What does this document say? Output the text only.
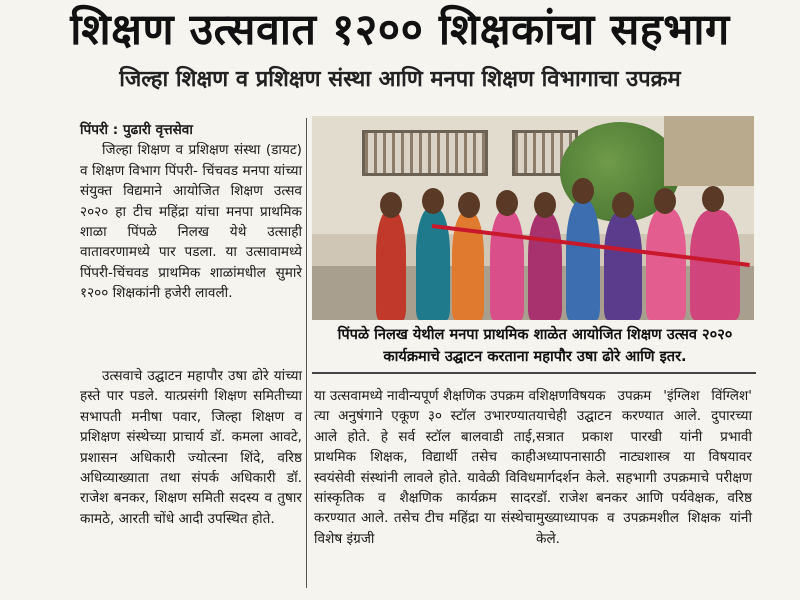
शिक्षण उत्सवात १२०० शिक्षकांचा सहभाग
जिल्हा शिक्षण व प्रशिक्षण संस्था आणि मनपा शिक्षण विभागाचा उपक्रम

पिंपरी : पुढारी वृत्तसेवा

जिल्हा शिक्षण व प्रशिक्षण संस्था (डायट) व शिक्षण विभाग पिंपरी- चिंचवड मनपा यांच्या संयुक्त विद्यमाने आयोजित शिक्षण उत्सव २०२० हा टीच महिंद्रा यांचा मनपा प्राथमिक शाळा पिंपळे निलख येथे उत्साही वातावरणामध्ये पार पडला. या उत्सावामध्ये पिंपरी-चिंचवड प्राथमिक शाळांमधील सुमारे १२०० शिक्षकांनी हजेरी लावली.

पिंपळे निलख येथील मनपा प्राथमिक शाळेत आयोजित शिक्षण उत्सव २०२० कार्यक्रमाचे उद्घाटन करताना महापौर उषा ढोरे आणि इतर.

उत्सवाचे उद्घाटन महापौर उषा ढोरे यांच्या हस्ते पार पडले. यात्प्रसंगी शिक्षण समितीच्या सभापती मनीषा पवार, जिल्हा शिक्षण व प्रशिक्षण संस्थेच्या प्राचार्य डॉ. कमला आवटे, प्रशासन अधिकारी ज्योत्स्ना शिंदे, वरिष्ठ अधिव्याख्याता तथा संपर्क अधिकारी डॉ. राजेश बनकर, शिक्षण समिती सदस्य व तुषार कामठे, आरती चोंधे आदी उपस्थित होते.

या उत्सवामध्ये नावीन्यपूर्ण शैक्षणिक उपक्रम व त्या अनुषंगाने एकूण ३० स्टॉल उभारण्यात आले होते. हे सर्व स्टॉल बालवाडी ताई, प्राथमिक शिक्षक, विद्यार्थी तसेच काही स्वयंसेवी संस्थांनी लावले होते. यावेळी विविध सांस्कृतिक व शैक्षणिक कार्यक्रम सादर करण्यात आले. तसेच टीच महिंद्रा या संस्थेचा विशेष इंग्रजी

शिक्षणविषयक उपक्रम 'इंग्लिश विंग्लिश' याचेही उद्घाटन करण्यात आले. दुपारच्या सत्रात प्रकाश पारखी यांनी प्रभावी अध्यापनासाठी नाट्यशास्त्र या विषयावर मार्गदर्शन केले. सहभागी उपक्रमाचे परीक्षण डॉ. राजेश बनकर आणि पर्यवेक्षक, वरिष्ठ मुख्याध्यापक व उपक्रमशील शिक्षक यांनी केले.
